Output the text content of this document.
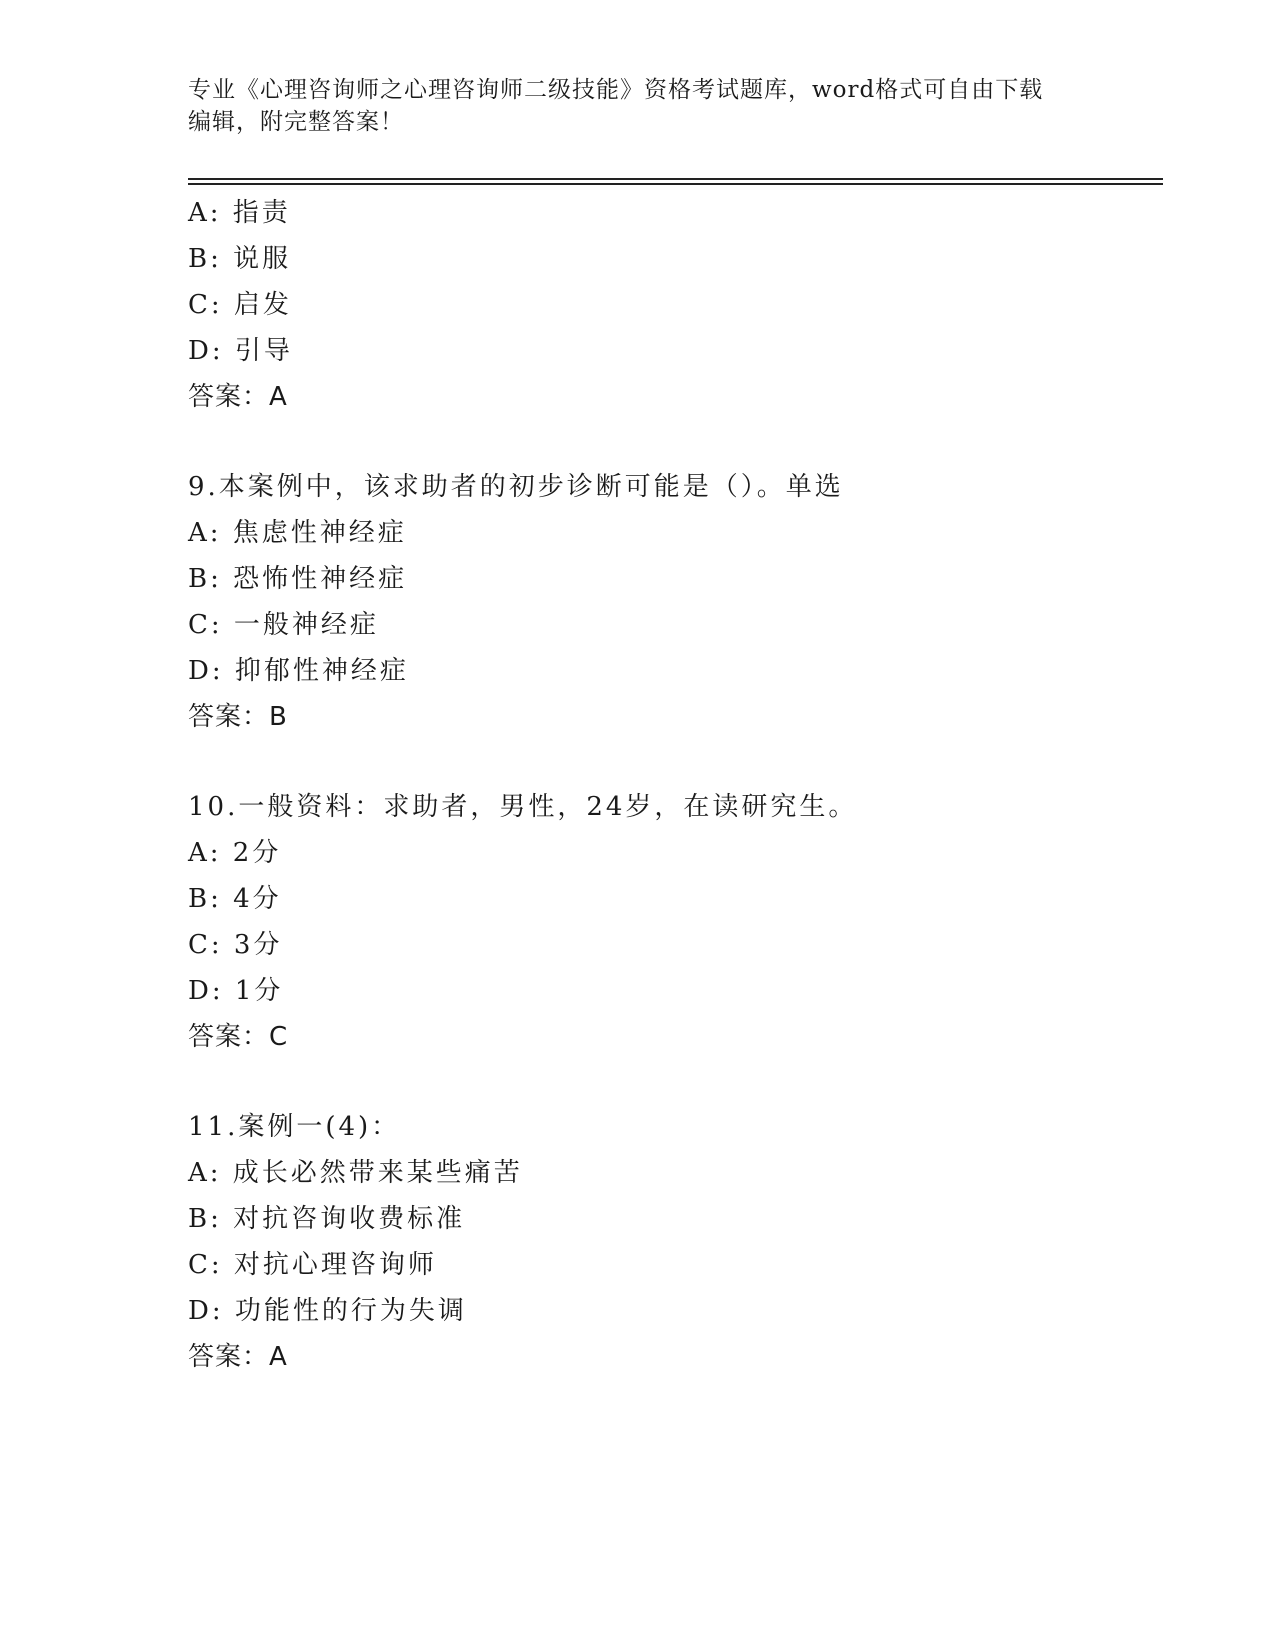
专业《心理咨询师之心理咨询师二级技能》资格考试题库，word格式可自由下载
编辑，附完整答案！
A: 指责
B: 说服
C: 启发
D: 引导
答案：A
9.本案例中，该求助者的初步诊断可能是（）。单选
A: 焦虑性神经症
B: 恐怖性神经症
C: 一般神经症
D: 抑郁性神经症
答案：B
10.一般资料：求助者，男性，24岁，在读研究生。
A: 2分
B: 4分
C: 3分
D: 1分
答案：C
11.案例一(4)：
A: 成长必然带来某些痛苦
B: 对抗咨询收费标准
C: 对抗心理咨询师
D: 功能性的行为失调
答案：A
